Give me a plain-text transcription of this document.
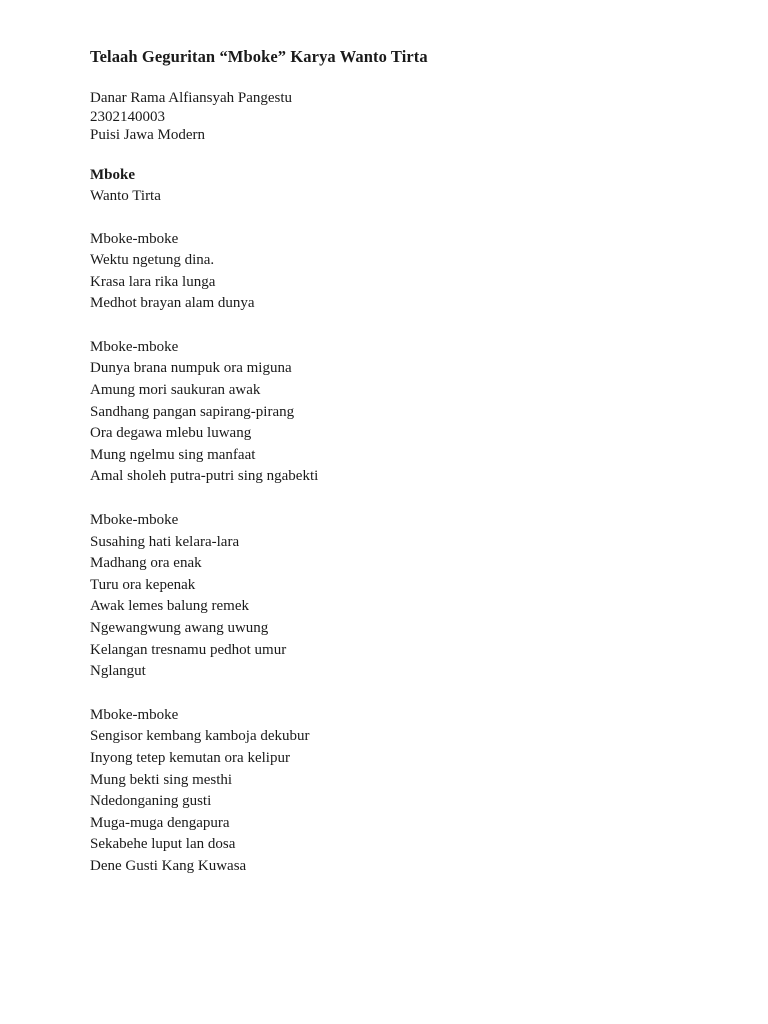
Telaah Geguritan “Mboke” Karya Wanto Tirta
Danar Rama Alfiansyah Pangestu
2302140003
Puisi Jawa Modern
Mboke
Wanto Tirta
Mboke-mboke
Wektu ngetung dina.
Krasa lara rika lunga
Medhot brayan alam dunya
Mboke-mboke
Dunya brana numpuk ora miguna
Amung mori saukuran awak
Sandhang pangan sapirang-pirang
Ora degawa mlebu luwang
Mung ngelmu sing manfaat
Amal sholeh putra-putri sing ngabekti
Mboke-mboke
Susahing hati kelara-lara
Madhang ora enak
Turu ora kepenak
Awak lemes balung remek
Ngewangwung awang uwung
Kelangan tresnamu pedhot umur
Nglangut
Mboke-mboke
Sengisor kembang kamboja dekubur
Inyong tetep kemutan ora kelipur
Mung bekti sing mesthi
Ndedonganing gusti
Muga-muga dengapura
Sekabehe luput lan dosa
Dene Gusti Kang Kuwasa
